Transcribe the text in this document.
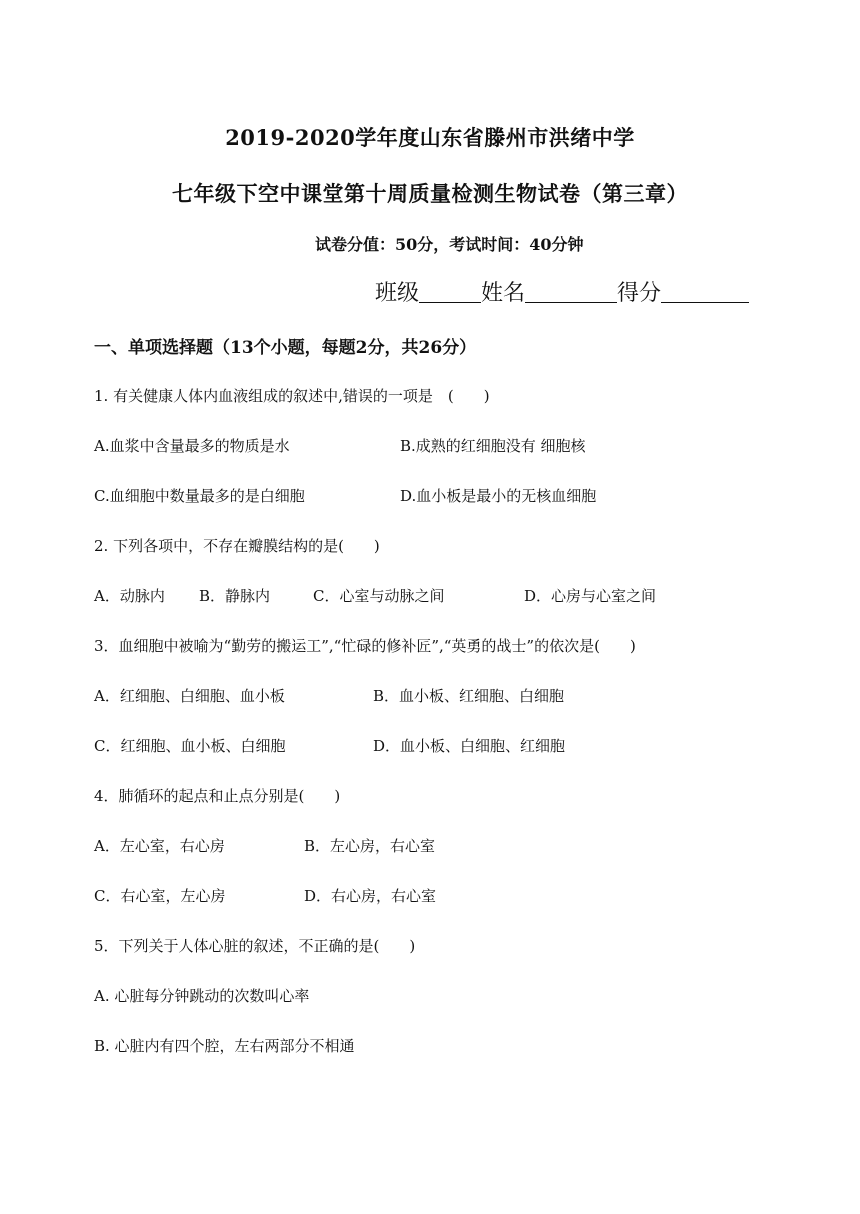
2019-2020学年度山东省滕州市洪绪中学
七年级下空中课堂第十周质量检测生物试卷（第三章）
试卷分值：50分，考试时间：40分钟
班级	姓名	得分
一、单项选择题（13个小题，每题2分，共26分）
1. 有关健康人体内血液组成的叙述中,错误的一项是　(　　)
A.血浆中含量最多的物质是水	B.成熟的红细胞没有 细胞核
C.血细胞中数量最多的是白细胞	D.血小板是最小的无核血细胞
2. 下列各项中，不存在瓣膜结构的是(　　)
A．动脉内 B．静脉内	C．心室与动脉之间	D．心房与心室之间
3．血细胞中被喻为“勤劳的搬运工”,“忙碌的修补匠”,“英勇的战士”的依次是(　　)
A．红细胞、白细胞、血小板	B．血小板、红细胞、白细胞
C．红细胞、血小板、白细胞	D．血小板、白细胞、红细胞
4．肺循环的起点和止点分别是(　　)
A．左心室，右心房	B．左心房，右心室
C．右心室，左心房	D．右心房，右心室
5．下列关于人体心脏的叙述，不正确的是(　　)
A. 心脏每分钟跳动的次数叫心率
B. 心脏内有四个腔，左右两部分不相通
